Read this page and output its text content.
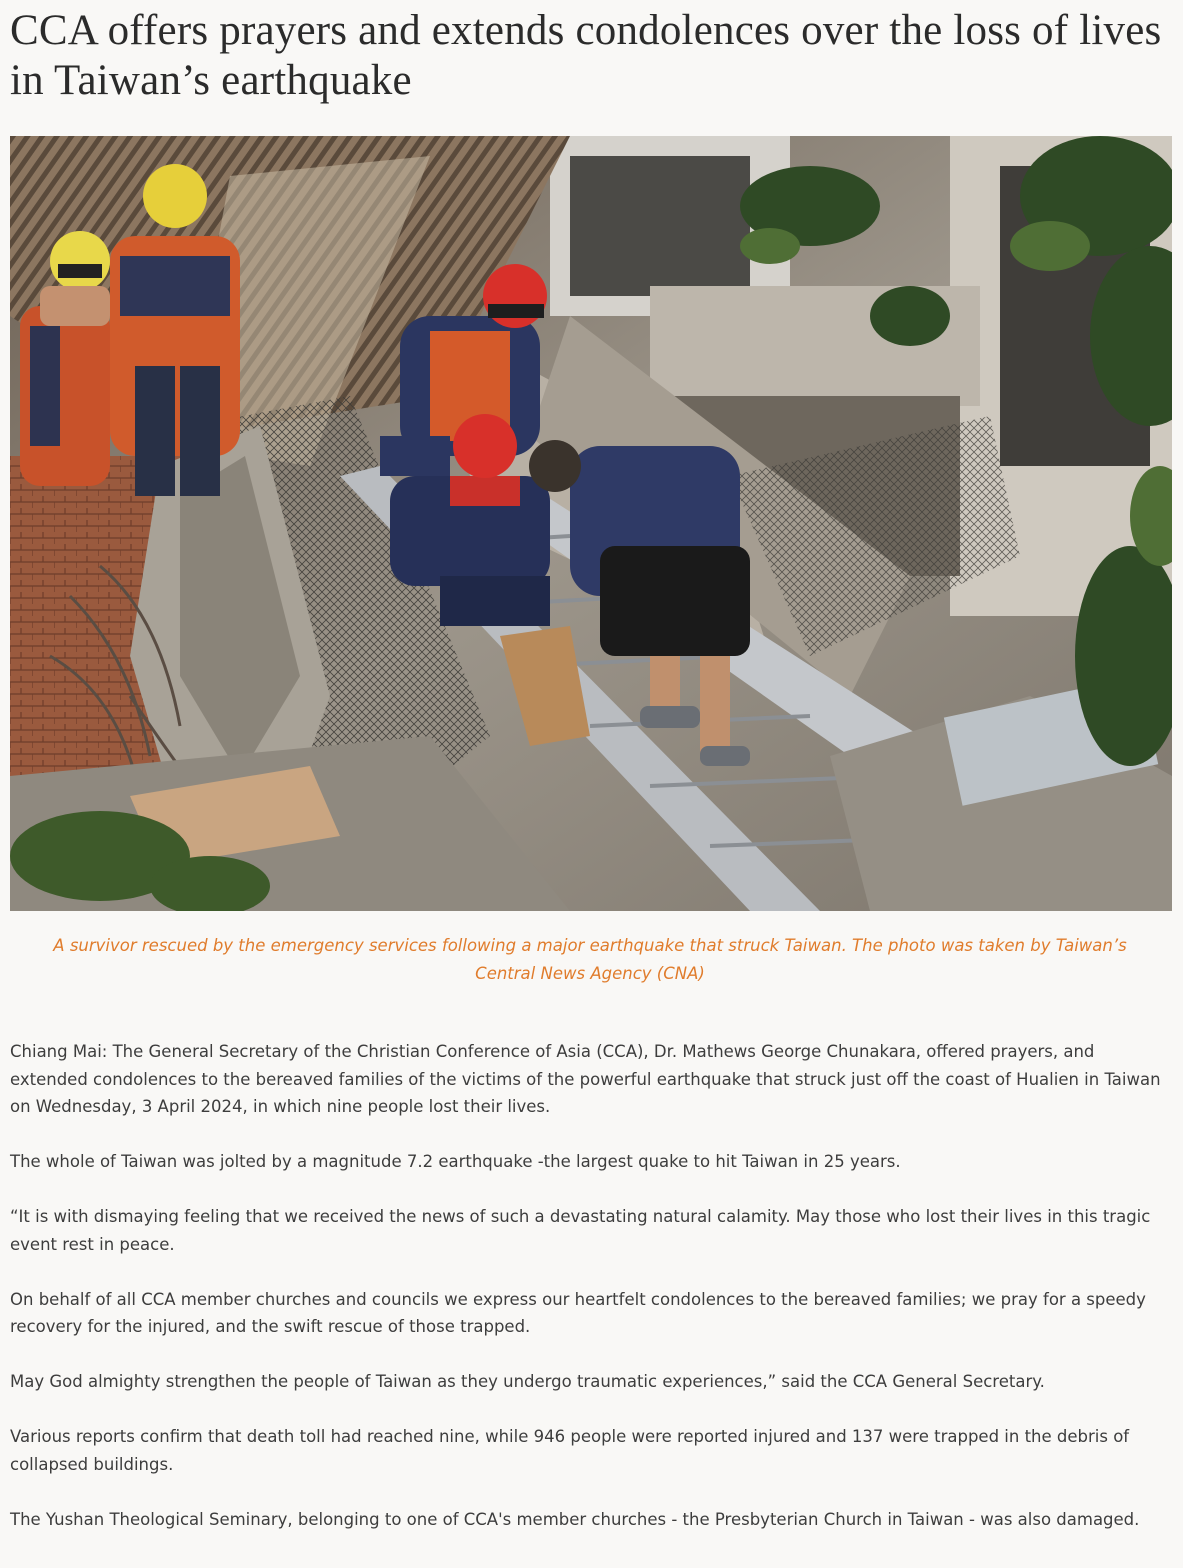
CCA offers prayers and extends condolences over the loss of lives in Taiwan’s earthquake

A survivor rescued by the emergency services following a major earthquake that struck Taiwan. The photo was taken by Taiwan’s Central News Agency (CNA)

Chiang Mai: The General Secretary of the Christian Conference of Asia (CCA), Dr. Mathews George Chunakara, offered prayers, and extended condolences to the bereaved families of the victims of the powerful earthquake that struck just off the coast of Hualien in Taiwan on Wednesday, 3 April 2024, in which nine people lost their lives.

The whole of Taiwan was jolted by a magnitude 7.2 earthquake -the largest quake to hit Taiwan in 25 years.

“It is with dismaying feeling that we received the news of such a devastating natural calamity. May those who lost their lives in this tragic event rest in peace.

On behalf of all CCA member churches and councils we express our heartfelt condolences to the bereaved families; we pray for a speedy recovery for the injured, and the swift rescue of those trapped.

May God almighty strengthen the people of Taiwan as they undergo traumatic experiences,” said the CCA General Secretary.

Various reports confirm that death toll had reached nine, while 946 people were reported injured and 137 were trapped in the debris of collapsed buildings.

The Yushan Theological Seminary, belonging to one of CCA's member churches - the Presbyterian Church in Taiwan - was also damaged.
